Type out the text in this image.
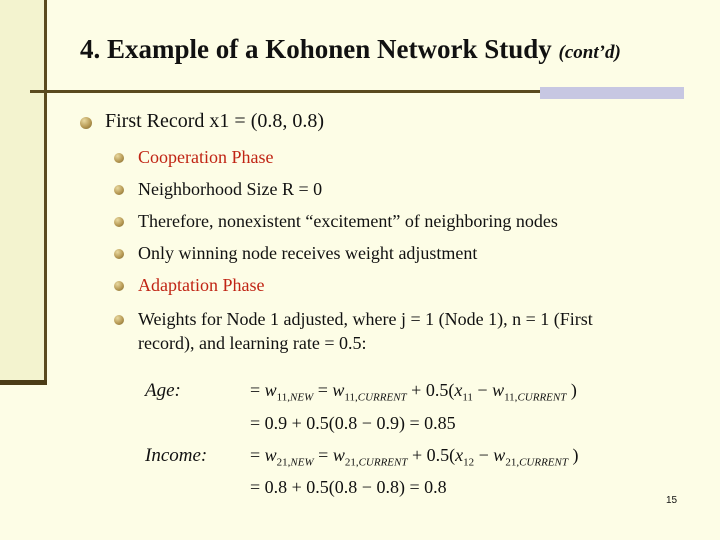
4. Example of a Kohonen Network Study (cont’d)
First Record x1 = (0.8, 0.8)
Cooperation Phase
Neighborhood Size R = 0
Therefore, nonexistent “excitement” of neighboring nodes
Only winning node receives weight adjustment
Adaptation Phase
Weights for Node 1 adjusted, where j = 1 (Node 1), n = 1 (First
record), and learning rate = 0.5:
Age:	= $w_{11,NEW} = w_{11,CURRENT} + 0.5(x_{11} - w_{11,CURRENT}$ )
= 0.9 + 0.5(0.8 − 0.9) = 0.85
Income: = $w_{21,NEW} = w_{21,CURRENT} + 0.5(x_{12} - w_{21,CURRENT}$ )
= 0.8 + 0.5(0.8 − 0.8) = 0.8
15
